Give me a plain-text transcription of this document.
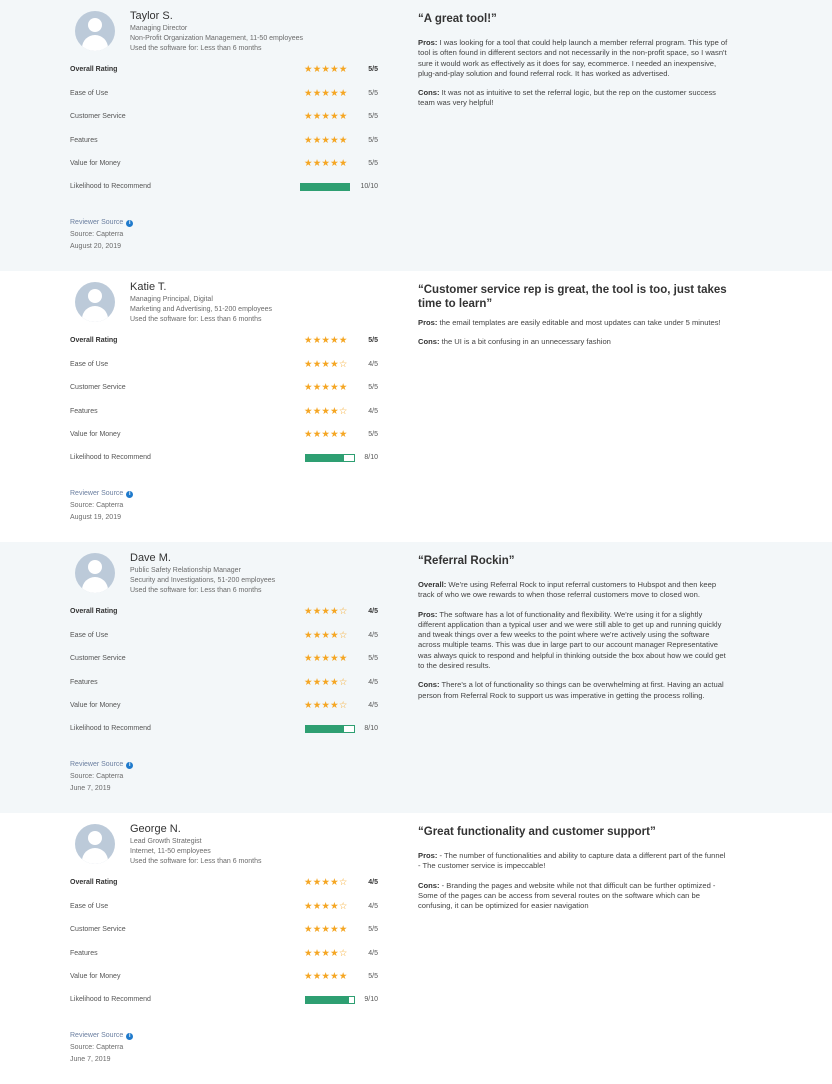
Taylor S.
Managing Director
Non-Profit Organization Management, 11-50 employees
Used the software for: Less than 6 months
Overall Rating	★★★★★	5/5
Ease of Use	★★★★★	5/5
Customer Service	★★★★★	5/5
Features	★★★★★	5/5
Value for Money	★★★★★	5/5
Likelihood to Recommend	10/10
Reviewer Source i
Source: Capterra
August 20, 2019
“A great tool!”

Pros: I was looking for a tool that could help launch a member referral program. This type of tool is often found in different sectors and not necessarily in the non-profit space, so I wasn't sure it would work as effectively as it does for say, ecommerce. I needed an inexpensive, plug-and-play solution and found referral rock. It has worked as advertised.

Cons: It was not as intuitive to set the referral logic, but the rep on the customer success team was very helpful!

Katie T.
Managing Principal, Digital
Marketing and Advertising, 51-200 employees
Used the software for: Less than 6 months
Overall Rating	★★★★★	5/5
Ease of Use	★★★★☆	4/5
Customer Service	★★★★★	5/5
Features	★★★★☆	4/5
Value for Money	★★★★★	5/5
Likelihood to Recommend	8/10
Reviewer Source i
Source: Capterra
August 19, 2019
“Customer service rep is great, the tool is too, just takes time to learn”

Pros: the email templates are easily editable and most updates can take under 5 minutes!

Cons: the UI is a bit confusing in an unnecessary fashion

Dave M.
Public Safety Relationship Manager
Security and Investigations, 51-200 employees
Used the software for: Less than 6 months
Overall Rating	★★★★☆	4/5
Ease of Use	★★★★☆	4/5
Customer Service	★★★★★	5/5
Features	★★★★☆	4/5
Value for Money	★★★★☆	4/5
Likelihood to Recommend	8/10
Reviewer Source i
Source: Capterra
June 7, 2019
“Referral Rockin”

Overall: We're using Referral Rock to input referral customers to Hubspot and then keep track of who we owe rewards to when those referral customers move to closed won.

Pros: The software has a lot of functionality and flexibility. We're using it for a slightly different application than a typical user and we were still able to get up and running quickly and tweak things over a few weeks to the point where we're actively using the software across multiple teams. This was due in large part to our account manager Representative was always quick to respond and helpful in thinking outside the box about how we could get to the desired results.

Cons: There's a lot of functionality so things can be overwhelming at first. Having an actual person from Referral Rock to support us was imperative in getting the process rolling.

George N.
Lead Growth Strategist
Internet, 11-50 employees
Used the software for: Less than 6 months
Overall Rating	★★★★☆	4/5
Ease of Use	★★★★☆	4/5
Customer Service	★★★★★	5/5
Features	★★★★☆	4/5
Value for Money	★★★★★	5/5
Likelihood to Recommend	9/10
Reviewer Source i
Source: Capterra
June 7, 2019
“Great functionality and customer support”

Pros: - The number of functionalities and ability to capture data a different part of the funnel - The customer service is impeccable!

Cons: - Branding the pages and website while not that difficult can be further optimized - Some of the pages can be access from several routes on the software which can be confusing, it can be optimized for easier navigation
